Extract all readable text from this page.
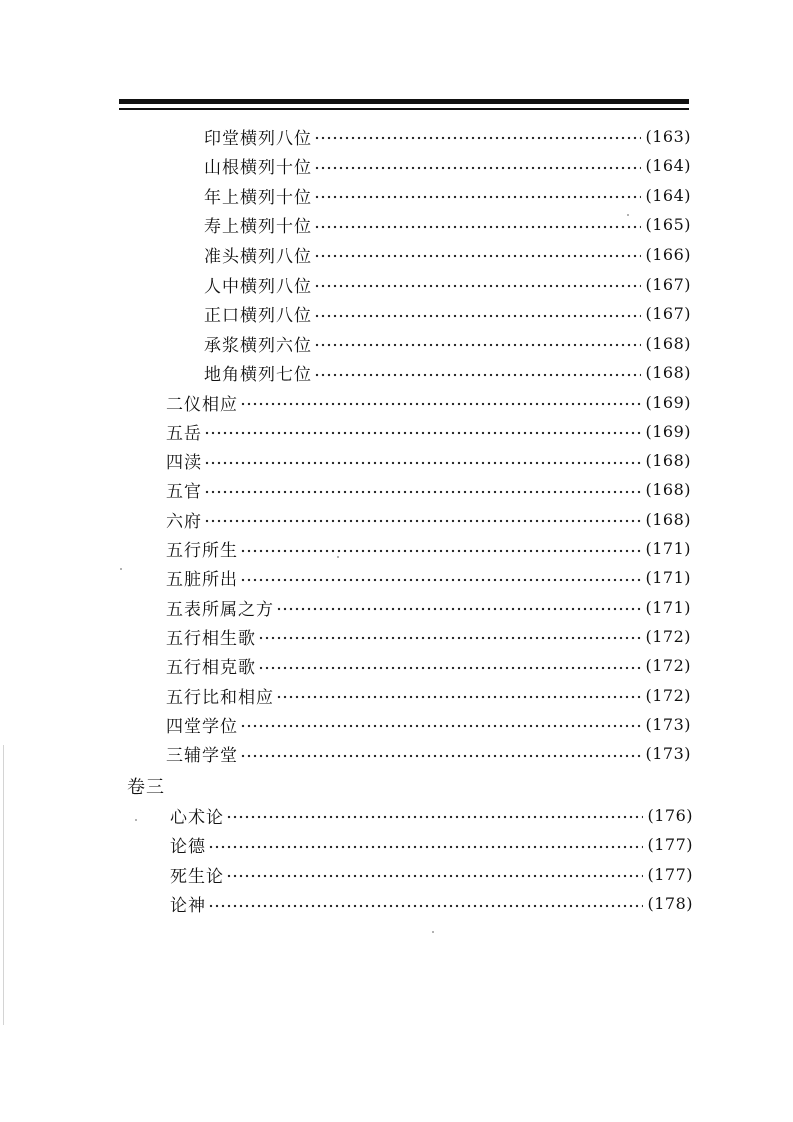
印堂横列八位	(163)
山根横列十位	(164)
年上横列十位	(164)
寿上横列十位	(165)
准头横列八位	(166)
人中横列八位	(167)
正口横列八位	(167)
承浆横列六位	(168)
地角横列七位	(168)
二仪相应	(169)
五岳	(169)
四渎	(168)
五官	(168)
六府	(168)
五行所生	(171)
五脏所出	(171)
五表所属之方	(171)
五行相生歌	(172)
五行相克歌	(172)
五行比和相应	(172)
四堂学位	(173)
三辅学堂	(173)
卷三
心术论	(176)
论德	(177)
死生论	(177)
论神	(178)
